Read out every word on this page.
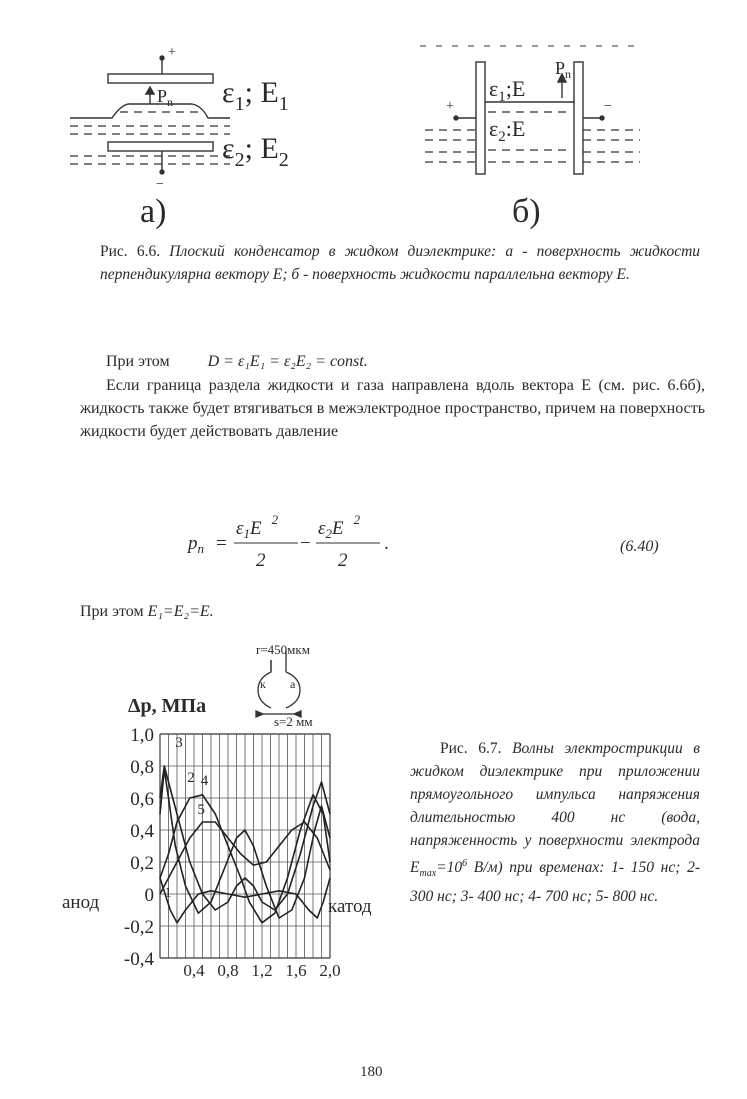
+
−
$P_n$ $\varepsilon_1$; $E_1$
$\varepsilon_2$; $E_2$
а)
+	−
$P_n$
$\varepsilon_1;E$
$\varepsilon_2:E$
б)
Рис. 6.6. Плоский конденсатор в жидком диэлектрике: а - поверхность жидкости перпендикулярна вектору Е; б - поверхность жидкости параллельна вектору Е.
При этом D = ε₁E₁ = ε₂E₂ = const.
Если граница раздела жидкости и газа направлена вдоль вектора E (см. рис. 6.6б), жидкость также будет втягиваться в межэлектродное пространство, причем на поверхность жидкости будет действовать давление
$p_n$ =
$\varepsilon_1E$ $^2$
2
−
$\varepsilon_2E$ $^2$
2
.	(6.40)
При этом E₁=E₂=E.
r=450мкм
к а
s=2 мм
Δp, МПа
1,0
0,8
0,6
0,4
0,2
0
-0,2
-0,4
0,4 0,8 1,2 1,6 2,0
1
2
3
4
5
анод	катод
Рис. 6.7. Волны электрострикции в жидком диэлектрике при приложении прямоугольного импульса напряжения длительностью 400 нс (вода, напряженность у поверхности электрода $E_{max}=10^6$ В/м) при временах: 1- 150 нс; 2- 300 нс; 3- 400 нс; 4- 700 нс; 5- 800 нс.
180
